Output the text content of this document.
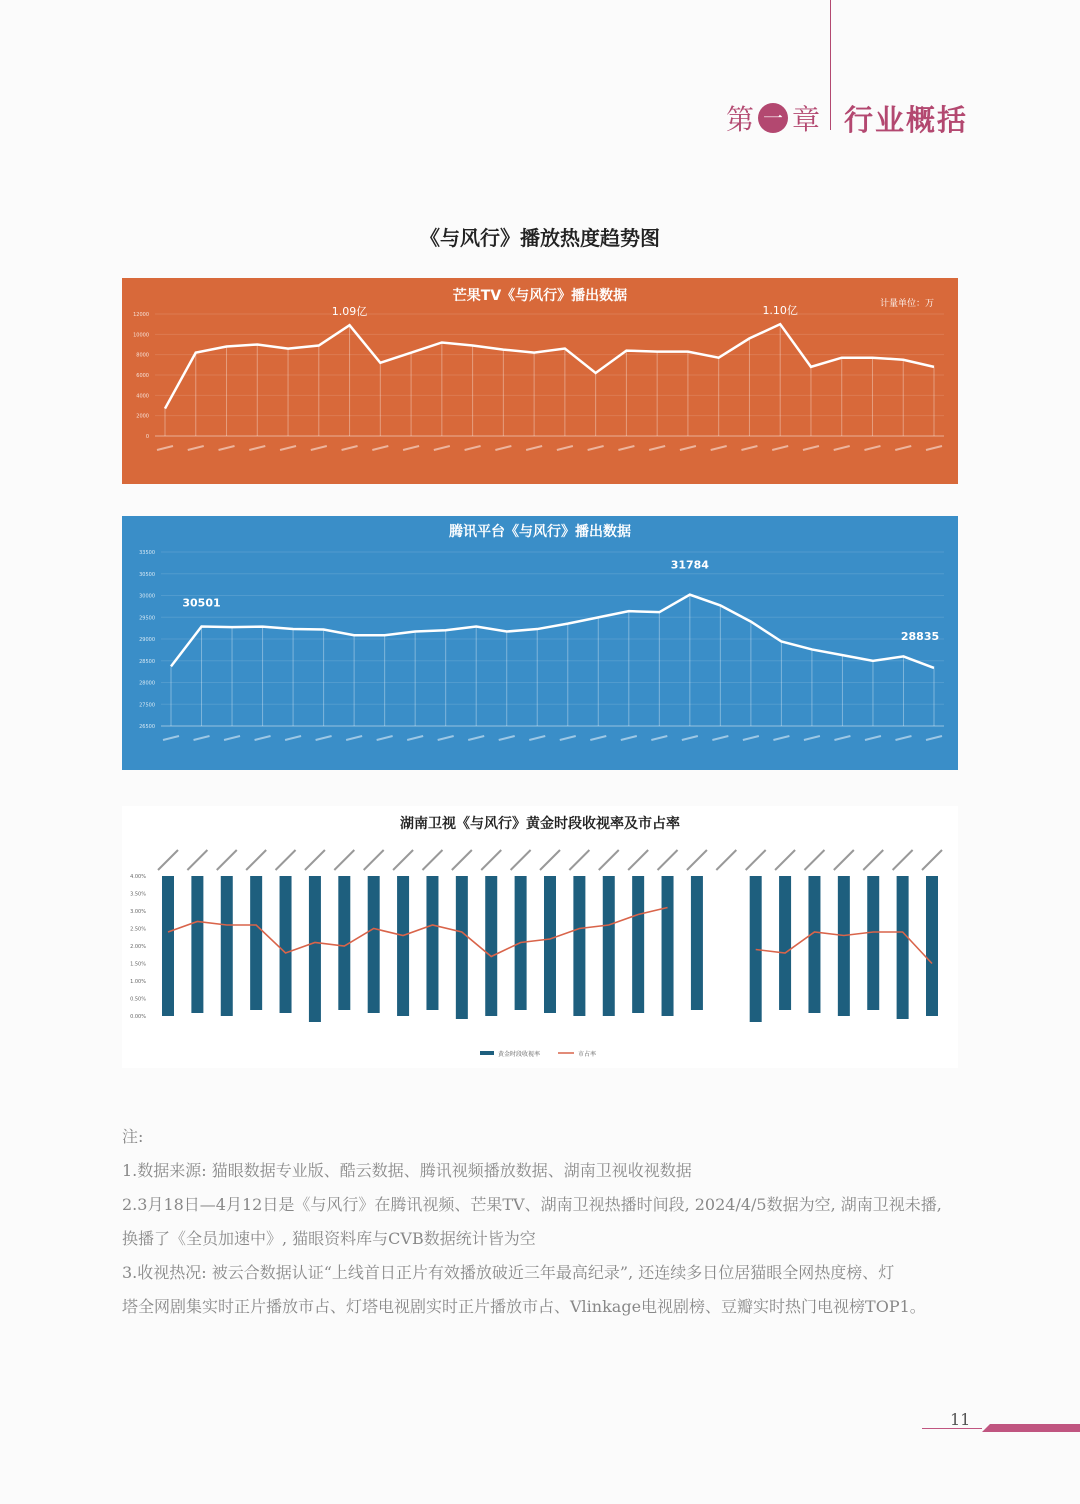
第 一 章 行业概括
《与风行》播放热度趋势图
芒果TV《与风行》播出数据	计量单位：万
0
2000
4000
6000
8000
10000
12000	1.09亿	1.10亿
腾讯平台《与风行》播出数据
26500
27500
28000
28500
29000
29500
30000
30500
33500
30501
31784
28835
湖南卫视《与风行》黄金时段收视率及市占率
4.00%
3.50%
3.00%
2.50%
2.00%
1.50%
1.00%
0.50%
0.00%
黄金时段收视率	市占率
注:
1.数据来源: 猫眼数据专业版、酷云数据、腾讯视频播放数据、湖南卫视收视数据
2.3月18日—4月12日是《与风行》在腾讯视频、芒果TV、湖南卫视热播时间段, 2024/4/5数据为空, 湖南卫视未播,
换播了《全员加速中》, 猫眼资料库与CVB数据统计皆为空
3.收视热况: 被云合数据认证“上线首日正片有效播放破近三年最高纪录”, 还连续多日位居猫眼全网热度榜、灯
塔全网剧集实时正片播放市占、灯塔电视剧实时正片播放市占、Vlinkage电视剧榜、豆瓣实时热门电视榜TOP1。
11
